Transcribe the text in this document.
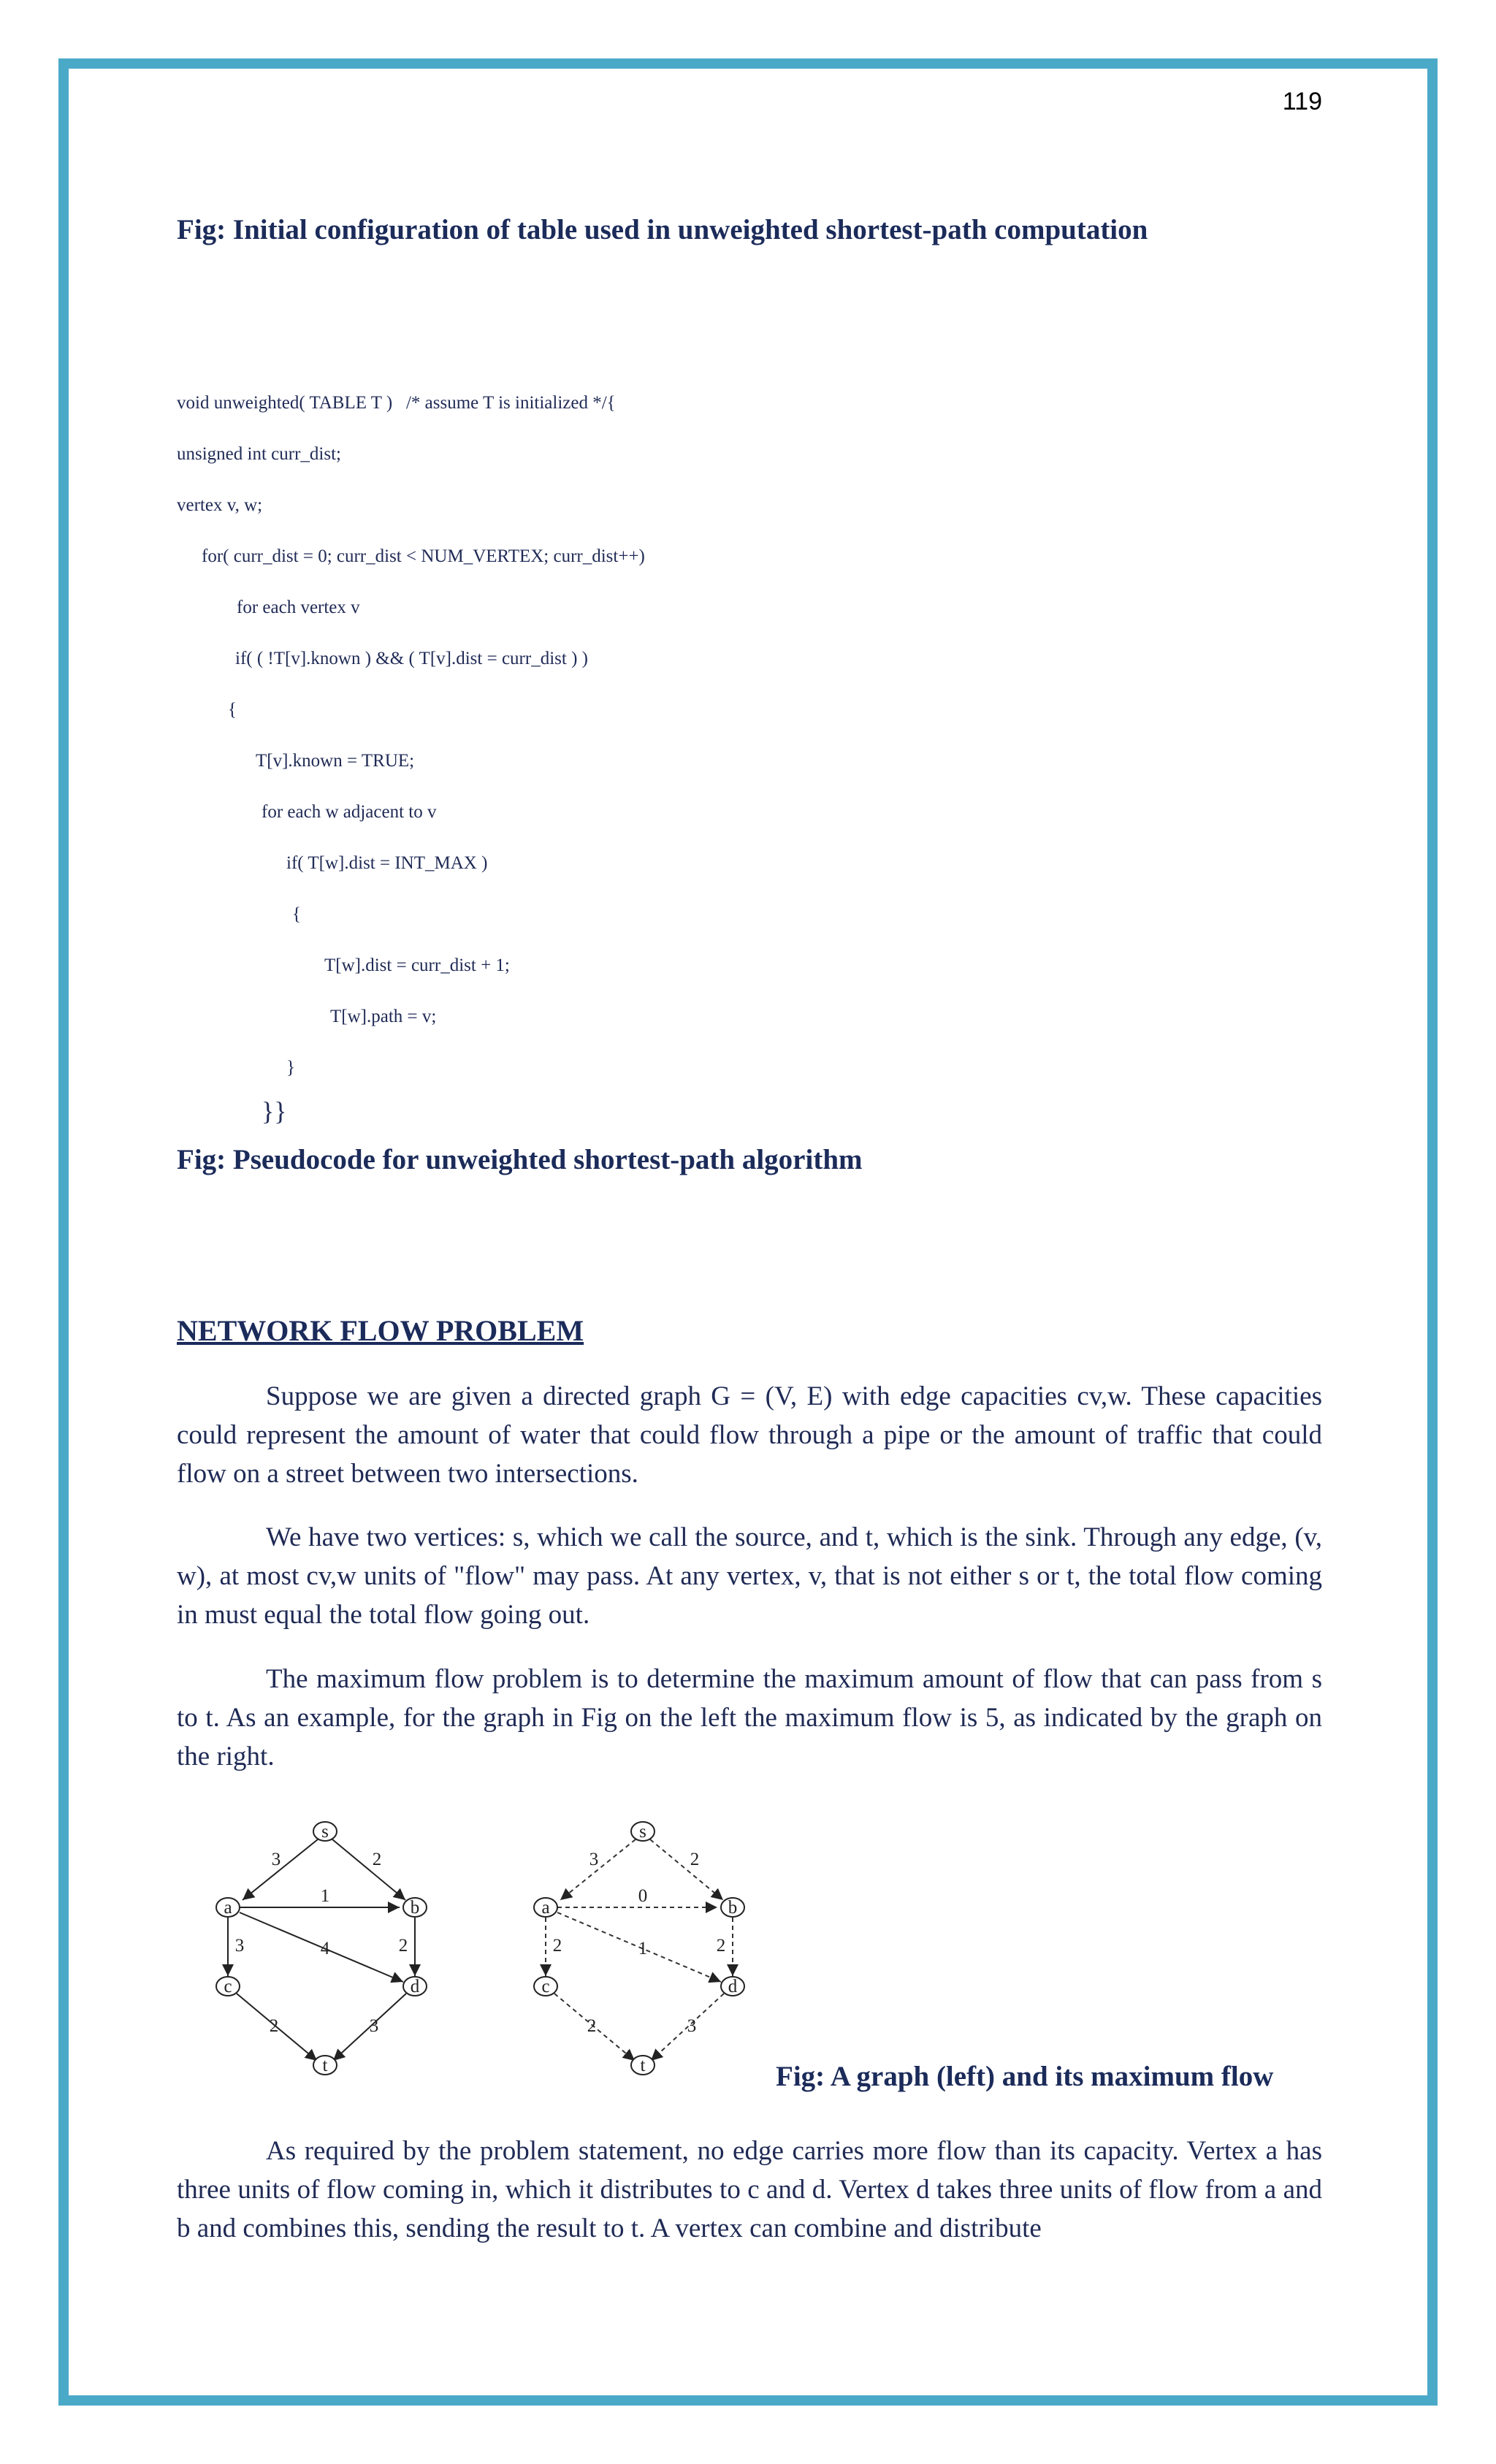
119
Fig: Initial configuration of table used in unweighted shortest-path computation
void unweighted( TABLE T )   /* assume T is initialized */{
unsigned int curr_dist;
vertex v, w;
for( curr_dist = 0; curr_dist < NUM_VERTEX; curr_dist++)
for each vertex v
if( ( !T[v].known ) && ( T[v].dist = curr_dist ) )
{
T[v].known = TRUE;
for each w adjacent to v
if( T[w].dist = INT_MAX )
{
T[w].dist = curr_dist + 1;
T[w].path = v;
}
}}
Fig: Pseudocode for unweighted shortest-path algorithm
NETWORK FLOW PROBLEM

Suppose we are given a directed graph G = (V, E) with edge capacities cv,w. These capacities could represent the amount of water that could flow through a pipe or the amount of traffic that could flow on a street between two intersections.

We have two vertices: s, which we call the source, and t, which is the sink. Through any edge, (v, w), at most cv,w units of "flow" may pass. At any vertex, v, that is not either s or t, the total flow coming in must equal the total flow going out.

The maximum flow problem is to determine the maximum amount of flow that can pass from s to t. As an example, for the graph in Fig on the left the maximum flow is 5, as indicated by the graph on the right.

s
a	b
c	d
t
3	2
1
3	4	2
2	3
s
a	b
c	d
t
3	2
0
2	1	2
2	3
Fig: A graph (left) and its maximum flow

As required by the problem statement, no edge carries more flow than its capacity. Vertex a has three units of flow coming in, which it distributes to c and d. Vertex d takes three units of flow from a and b and combines this, sending the result to t. A vertex can combine and distribute
